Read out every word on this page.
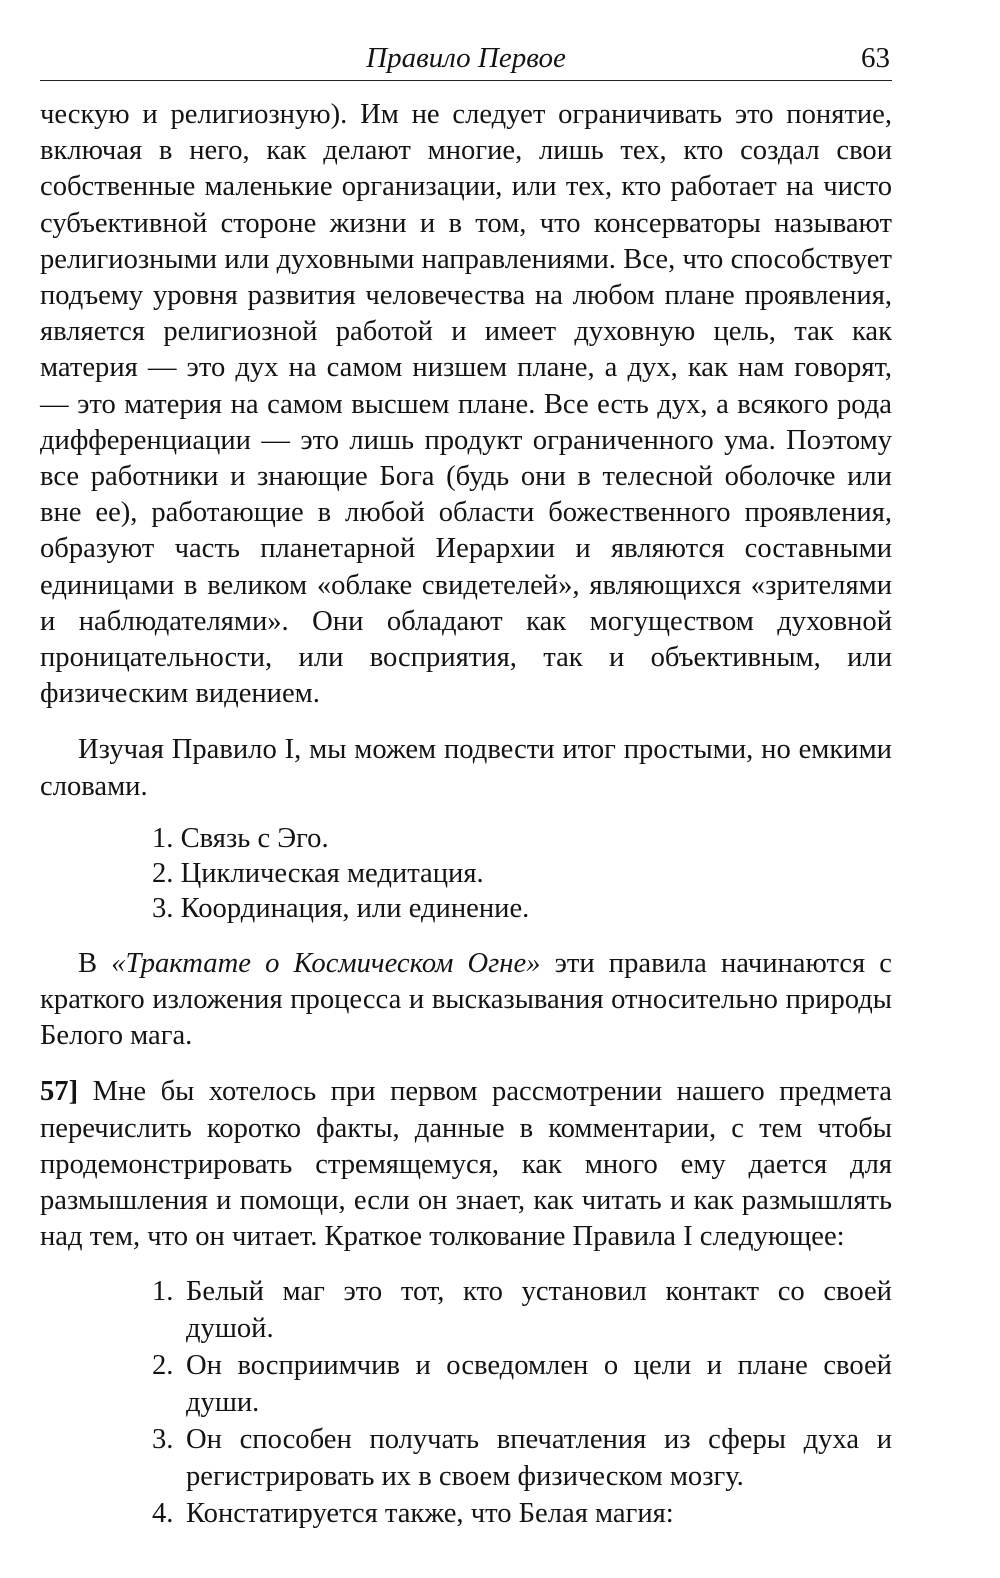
Правило Первое	63

ческую и религиозную). Им не следует ограничивать это понятие, включая в него, как делают многие, лишь тех, кто создал свои собственные маленькие организации, или тех, кто работает на чисто субъективной стороне жизни и в том, что консерваторы называют религиозными или духовными направлениями. Все, что способствует подъему уровня развития человечества на любом плане проявления, является религиозной работой и имеет духовную цель, так как материя — это дух на самом низшем плане, а дух, как нам говорят, — это материя на самом высшем плане. Все есть дух, а всякого рода дифференциации — это лишь продукт ограниченного ума. Поэтому все работники и знающие Бога (будь они в телесной оболочке или вне ее), работающие в любой области божественного проявления, образуют часть планетарной Иерархии и являются составными единицами в великом «облаке свидетелей», являющихся «зрителями и наблюдателями». Они обладают как могуществом духовной проницательности, или восприятия, так и объективным, или физическим видением.

Изучая Правило I, мы можем подвести итог простыми, но емкими словами.

1. Связь с Эго.
2. Циклическая медитация.
3. Координация, или единение.

В «Трактате о Космическом Огне» эти правила начинаются с краткого изложения процесса и высказывания относительно природы Белого мага.

57] Мне бы хотелось при первом рассмотрении нашего предмета перечислить коротко факты, данные в комментарии, с тем чтобы продемонстрировать стремящемуся, как много ему дается для размышления и помощи, если он знает, как читать и как размышлять над тем, что он читает. Краткое толкование Правила I следующее:

1. Белый маг это тот, кто установил контакт со своей душой.
2. Он восприимчив и осведомлен о цели и плане своей души.
3. Он способен получать впечатления из сферы духа и регистрировать их в своем физическом мозгу.
4. Констатируется также, что Белая магия:
